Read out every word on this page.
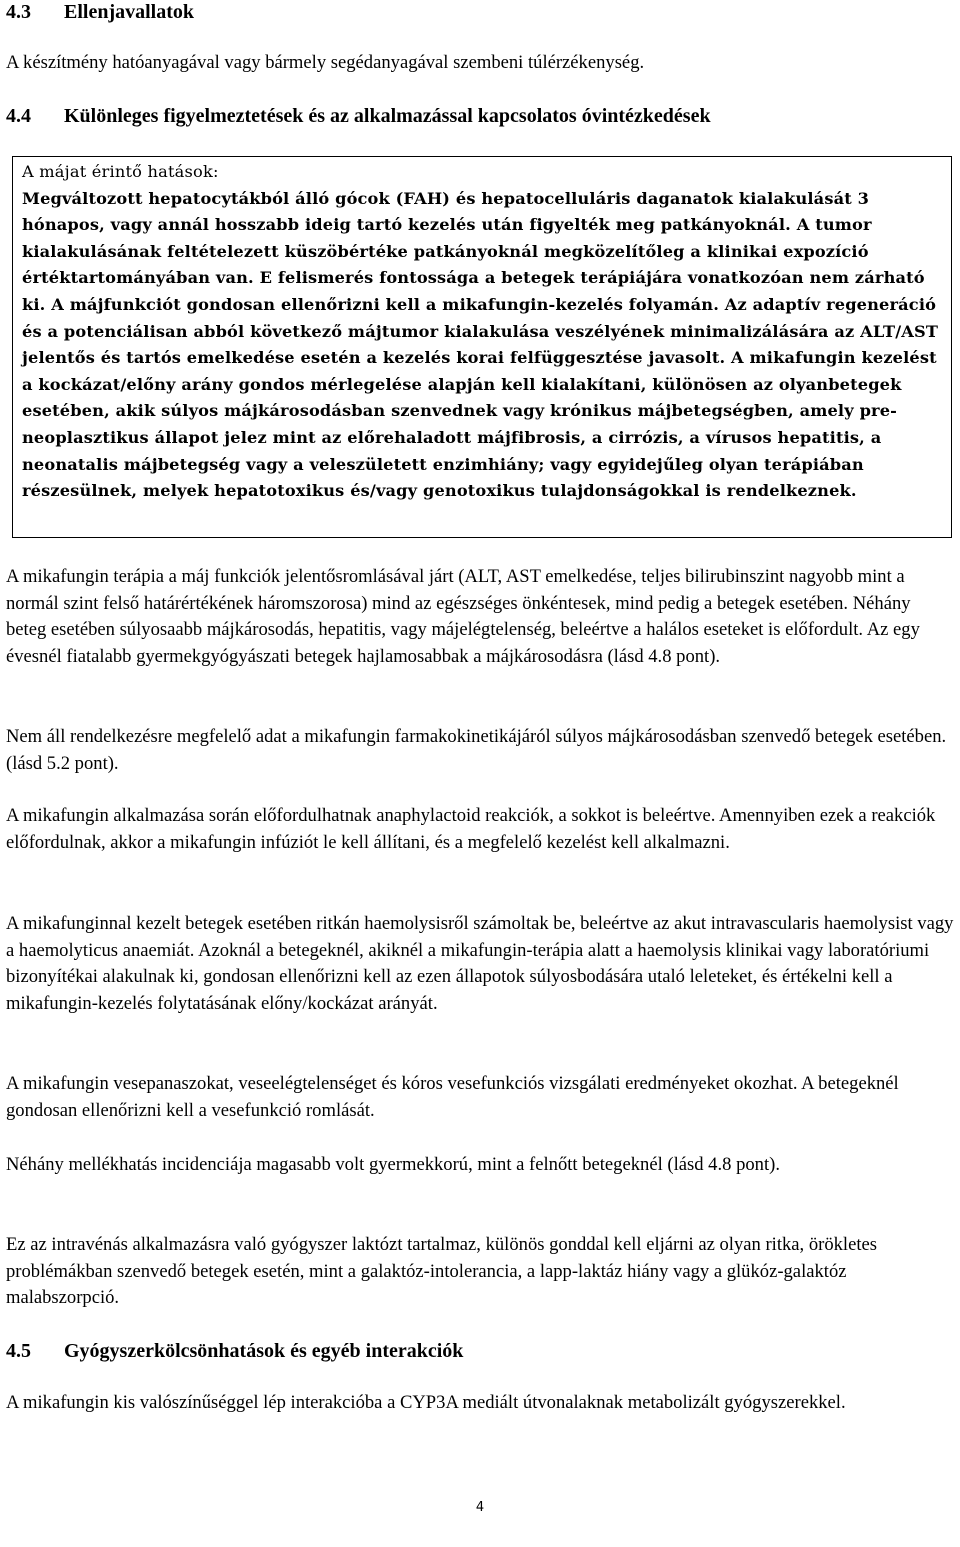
4.3 Ellenjavallatok

A készítmény hatóanyagával vagy bármely segédanyagával szembeni túlérzékenység.

4.4 Különleges figyelmeztetések és az alkalmazással kapcsolatos óvintézkedések
A májat érintő hatások:

Megváltozott hepatocytákból álló gócok (FAH) és hepatocelluláris daganatok kialakulását 3 hónapos, vagy annál hosszabb ideig tartó kezelés után figyelték meg patkányoknál. A tumor kialakulásának feltételezett küszöbértéke patkányoknál megközelítőleg a klinikai expozíció értéktartományában van. E felismerés fontossága a betegek terápiájára vonatkozóan nem zárható ki. A májfunkciót gondosan ellenőrizni kell a mikafungin-kezelés folyamán. Az adaptív regeneráció és a potenciálisan abból következő májtumor kialakulása veszélyének minimalizálására az ALT/AST jelentős és tartós emelkedése esetén a kezelés korai felfüggesztése javasolt. A mikafungin kezelést a kockázat/előny arány gondos mérlegelése alapján kell kialakítani, különösen az olyanbetegek esetében, akik súlyos májkárosodásban szenvednek vagy krónikus májbetegségben, amely pre-neoplasztikus állapot jelez mint az előrehaladott májfibrosis, a cirrózis, a vírusos hepatitis, a neonatalis májbetegség vagy a veleszületett enzimhiány; vagy egyidejűleg olyan terápiában részesülnek, melyek hepatotoxikus és/vagy genotoxikus tulajdonságokkal is rendelkeznek.

A mikafungin terápia a máj funkciók jelentősromlásával járt (ALT, AST emelkedése, teljes bilirubinszint nagyobb mint a normál szint felső határértékének háromszorosa) mind az egészséges önkéntesek, mind pedig a betegek esetében. Néhány beteg esetében súlyosaabb májkárosodás, hepatitis, vagy májelégtelenség, beleértve a halálos eseteket is előfordult. Az egy évesnél fiatalabb gyermekgyógyászati betegek hajlamosabbak a májkárosodásra (lásd 4.8 pont).

Nem áll rendelkezésre megfelelő adat a mikafungin farmakokinetikájáról súlyos májkárosodásban szenvedő betegek esetében. (lásd 5.2 pont).

A mikafungin alkalmazása során előfordulhatnak anaphylactoid reakciók, a sokkot is beleértve. Amennyiben ezek a reakciók előfordulnak, akkor a mikafungin infúziót le kell állítani, és a megfelelő kezelést kell alkalmazni.

A mikafunginnal kezelt betegek esetében ritkán haemolysisről számoltak be, beleértve az akut intravascularis haemolysist vagy a haemolyticus anaemiát. Azoknál a betegeknél, akiknél a mikafungin-terápia alatt a haemolysis klinikai vagy laboratóriumi bizonyítékai alakulnak ki, gondosan ellenőrizni kell az ezen állapotok súlyosbodására utaló leleteket, és értékelni kell a mikafungin-kezelés folytatásának előny/kockázat arányát.

A mikafungin vesepanaszokat, veseelégtelenséget és kóros vesefunkciós vizsgálati eredményeket okozhat. A betegeknél gondosan ellenőrizni kell a vesefunkció romlását.

Néhány mellékhatás incidenciája magasabb volt gyermekkorú, mint a felnőtt betegeknél (lásd 4.8 pont).

Ez az intravénás alkalmazásra való gyógyszer laktózt tartalmaz, különös gonddal kell eljárni az olyan ritka, örökletes problémákban szenvedő betegek esetén, mint a galaktóz-intolerancia, a lapp-laktáz hiány vagy a glükóz-galaktóz malabszorpció.

4.5 Gyógyszerkölcsönhatások és egyéb interakciók

A mikafungin kis valószínűséggel lép interakcióba a CYP3A mediált útvonalaknak metabolizált gyógyszerekkel.

4
